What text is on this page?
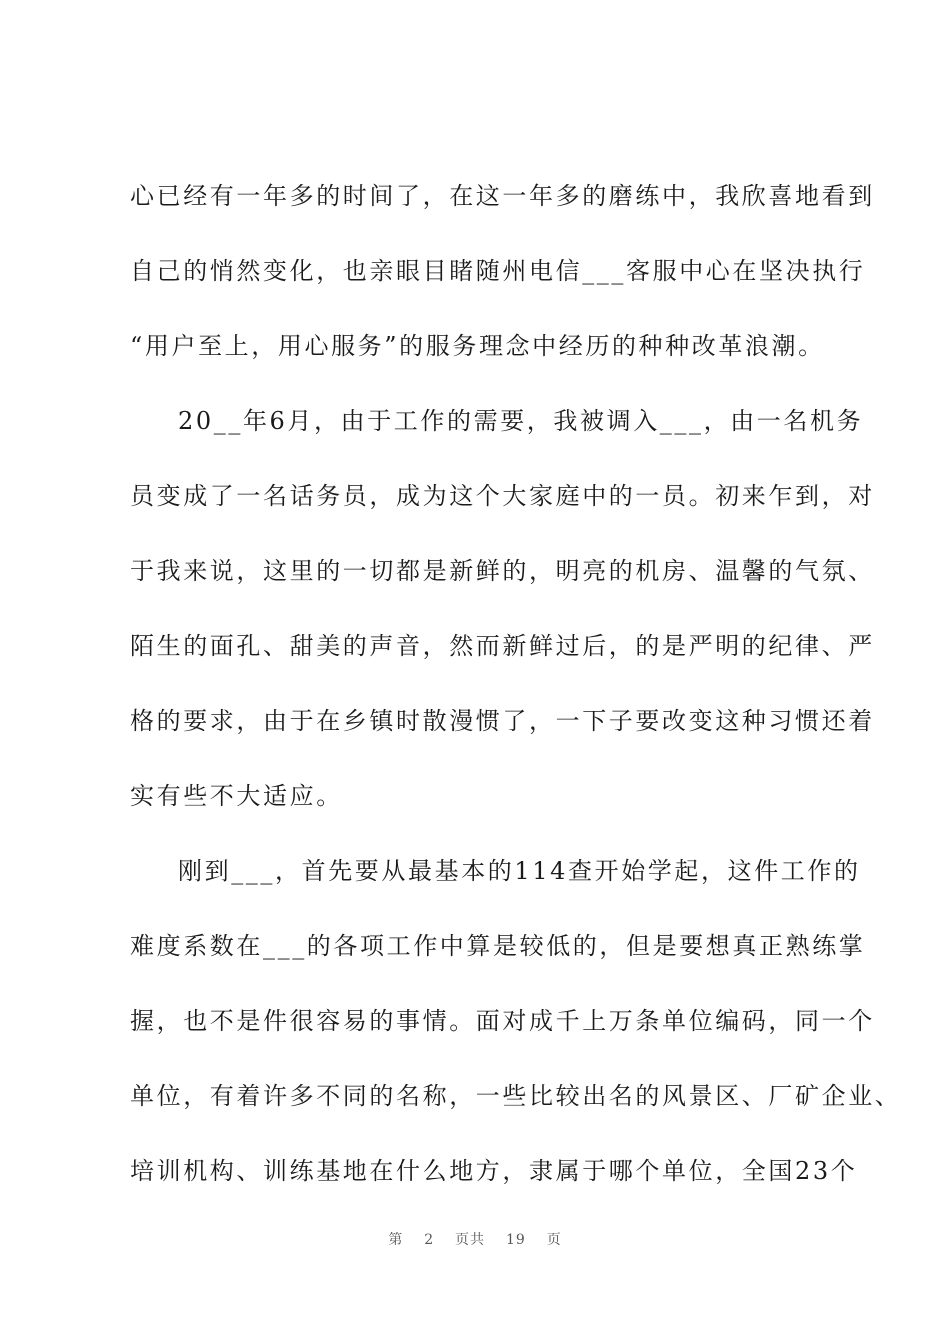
心已经有一年多的时间了，在这一年多的磨练中，我欣喜地看到
自己的悄然变化，也亲眼目睹随州电信___客服中心在坚决执行
“用户至上，用心服务”的服务理念中经历的种种改革浪潮。
20__年6月，由于工作的需要，我被调入___，由一名机务
员变成了一名话务员，成为这个大家庭中的一员。初来乍到，对
于我来说，这里的一切都是新鲜的，明亮的机房、温馨的气氛、
陌生的面孔、甜美的声音，然而新鲜过后，的是严明的纪律、严
格的要求，由于在乡镇时散漫惯了，一下子要改变这种习惯还着
实有些不大适应。
刚到___，首先要从最基本的114查开始学起，这件工作的
难度系数在___的各项工作中算是较低的，但是要想真正熟练掌
握，也不是件很容易的事情。面对成千上万条单位编码，同一个
单位，有着许多不同的名称，一些比较出名的风景区、厂矿企业、
培训机构、训练基地在什么地方，隶属于哪个单位，全国23个
第 2 页共 19 页
